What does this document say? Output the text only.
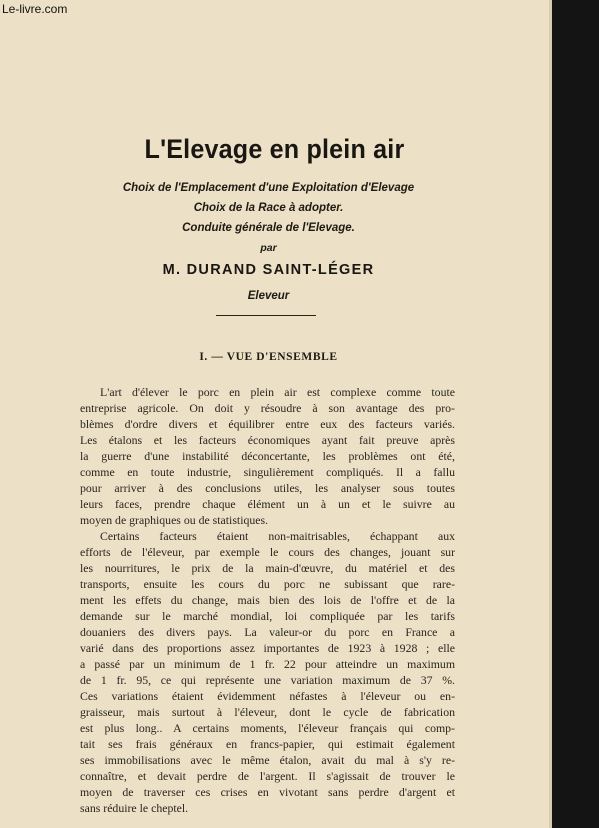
Le-livre.com
L'Elevage en plein air
Choix de l'Emplacement d'une Exploitation d'Elevage
Choix de la Race à adopter.
Conduite générale de l'Elevage.
par
M. DURAND SAINT-LÉGER
Eleveur
I. — VUE D'ENSEMBLE
L'art d'élever le porc en plein air est complexe comme toute
entreprise agricole. On doit y résoudre à son avantage des pro-
blèmes d'ordre divers et équilibrer entre eux des facteurs variés.
Les étalons et les facteurs économiques ayant fait preuve après
la guerre d'une instabilité déconcertante, les problèmes ont été,
comme en toute industrie, singulièrement compliqués. Il a fallu
pour arriver à des conclusions utiles, les analyser sous toutes
leurs faces, prendre chaque élément un à un et le suivre au
moyen de graphiques ou de statistiques.
Certains facteurs étaient non-maitrisables, échappant aux
efforts de l'éleveur, par exemple le cours des changes, jouant sur
les nourritures, le prix de la main-d'œuvre, du matériel et des
transports, ensuite les cours du porc ne subissant que rare-
ment les effets du change, mais bien des lois de l'offre et de la
demande sur le marché mondial, loi compliquée par les tarifs
douaniers des divers pays. La valeur-or du porc en France a
varié dans des proportions assez importantes de 1923 à 1928 ; elle
a passé par un minimum de 1 fr. 22 pour atteindre un maximum
de 1 fr. 95, ce qui représente une variation maximum de 37 %.
Ces variations étaient évidemment néfastes à l'éleveur ou en-
graisseur, mais surtout à l'éleveur, dont le cycle de fabrication
est plus long.. A certains moments, l'éleveur français qui comp-
tait ses frais généraux en francs-papier, qui estimait également
ses immobilisations avec le même étalon, avait du mal à s'y re-
connaître, et devait perdre de l'argent. Il s'agissait de trouver le
moyen de traverser ces crises en vivotant sans perdre d'argent et
sans réduire le cheptel.
